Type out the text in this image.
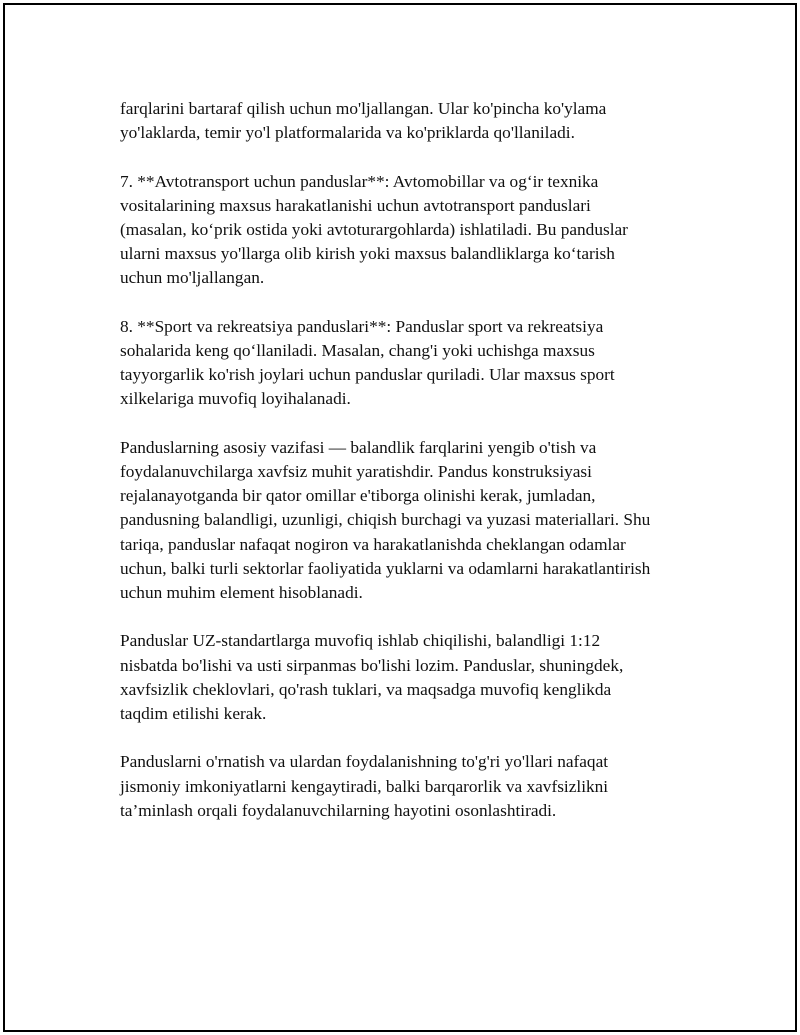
farqlarini bartaraf qilish uchun mo'ljallangan. Ular ko'pincha ko'ylama
yo'laklarda, temir yo'l platformalarida va ko'priklarda qo'llaniladi.

7. **Avtotransport uchun panduslar**: Avtomobillar va og‘ir texnika
vositalarining maxsus harakatlanishi uchun avtotransport panduslari
(masalan, ko‘prik ostida yoki avtoturargohlarda) ishlatiladi. Bu panduslar
ularni maxsus yo'llarga olib kirish yoki maxsus balandliklarga ko‘tarish
uchun mo'ljallangan.

8. **Sport va rekreatsiya panduslari**: Panduslar sport va rekreatsiya
sohalarida keng qo‘llaniladi. Masalan, chang'i yoki uchishga maxsus
tayyorgarlik ko'rish joylari uchun panduslar quriladi. Ular maxsus sport
xilkelariga muvofiq loyihalanadi.

Panduslarning asosiy vazifasi — balandlik farqlarini yengib o'tish va
foydalanuvchilarga xavfsiz muhit yaratishdir. Pandus konstruksiyasi
rejalanayotganda bir qator omillar e'tiborga olinishi kerak, jumladan,
pandusning balandligi, uzunligi, chiqish burchagi va yuzasi materiallari. Shu
tariqa, panduslar nafaqat nogiron va harakatlanishda cheklangan odamlar
uchun, balki turli sektorlar faoliyatida yuklarni va odamlarni harakatlantirish
uchun muhim element hisoblanadi.

Panduslar UZ-standartlarga muvofiq ishlab chiqilishi, balandligi 1:12
nisbatda bo'lishi va usti sirpanmas bo'lishi lozim. Panduslar, shuningdek,
xavfsizlik cheklovlari, qo'rash tuklari, va maqsadga muvofiq kenglikda
taqdim etilishi kerak.

Panduslarni o'rnatish va ulardan foydalanishning to'g'ri yo'llari nafaqat
jismoniy imkoniyatlarni kengaytiradi, balki barqarorlik va xavfsizlikni
ta’minlash orqali foydalanuvchilarning hayotini osonlashtiradi.
